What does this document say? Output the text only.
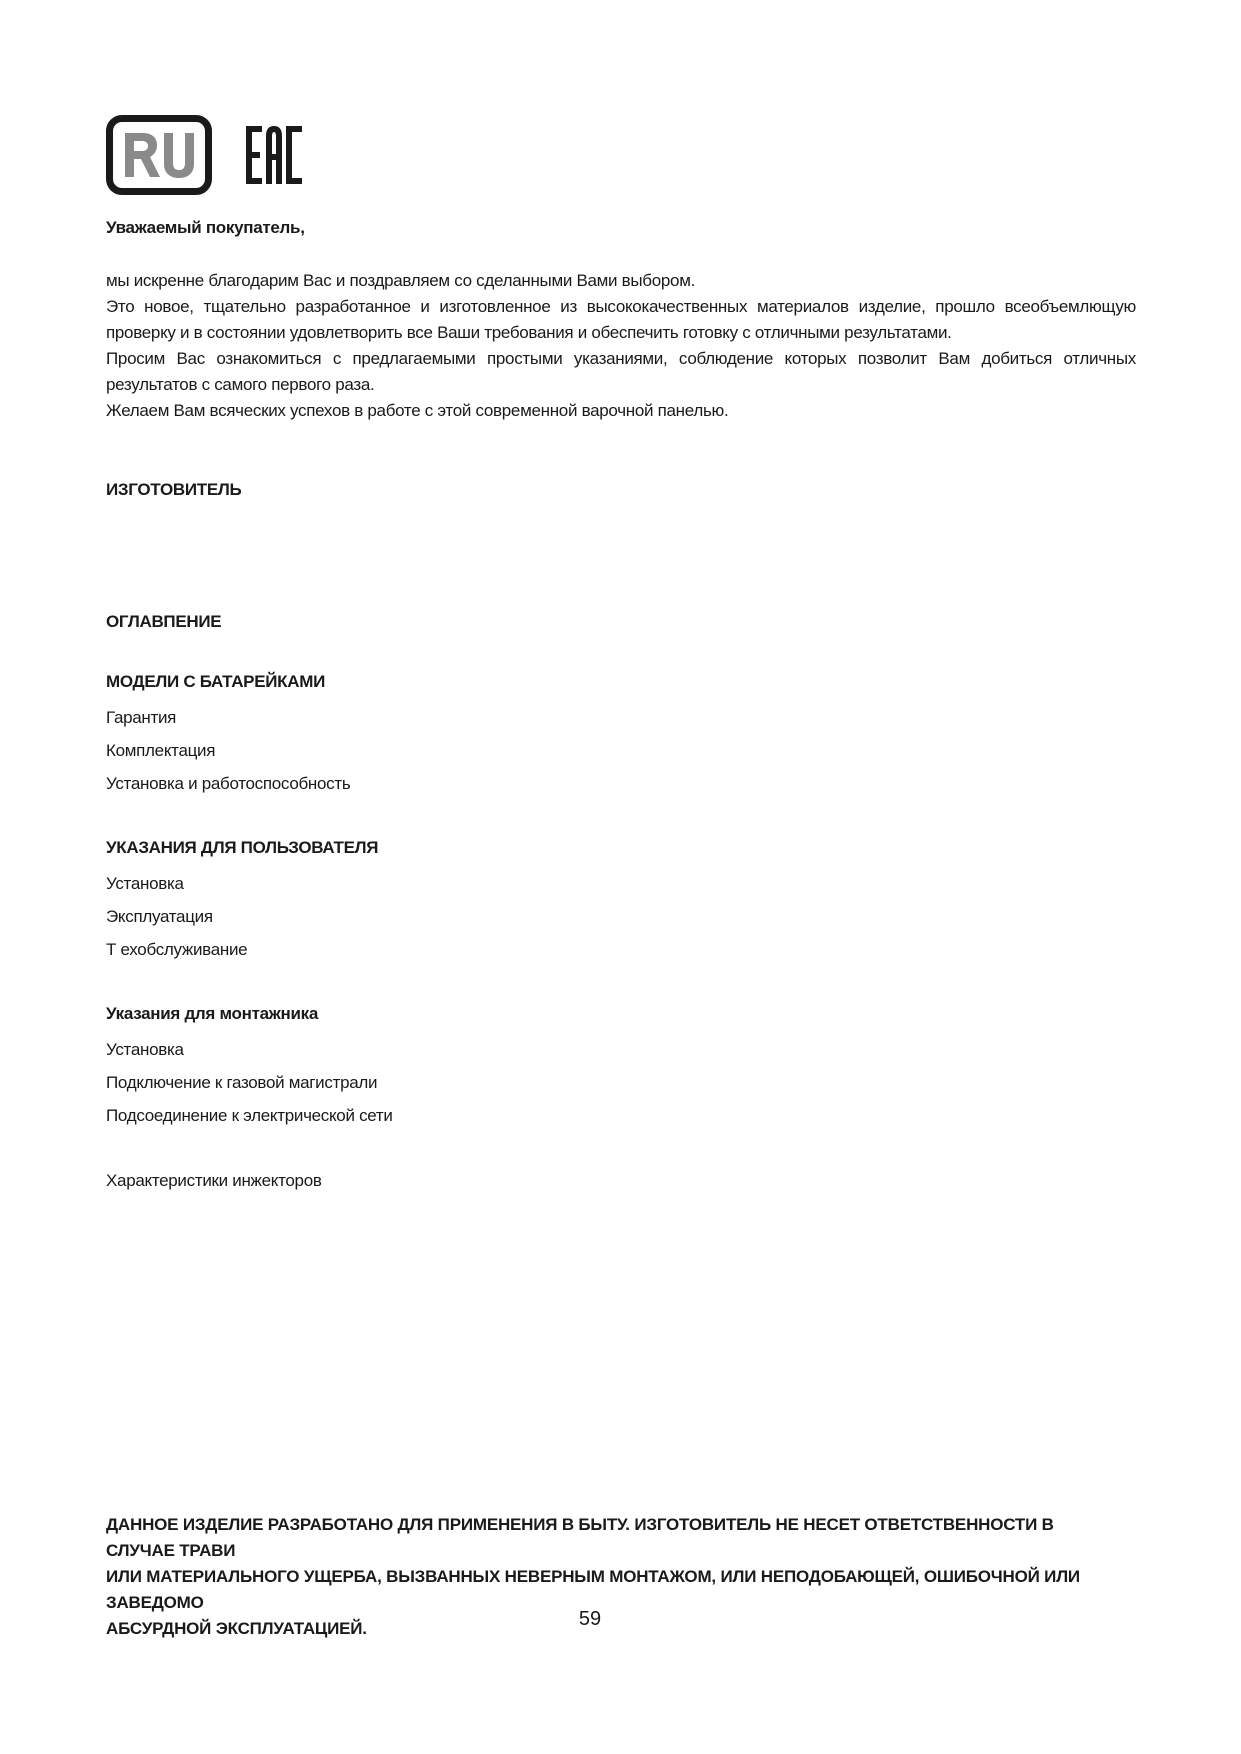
Уважаемый покупатель,

мы искренне благодарим Вас и поздравляем со сделанными Вами выбором.

Это новое, тщательно разработанное и изготовленное из высококачественных материалов изделие, прошло всеобъемлющую

проверку и в состоянии удовлетворить все Ваши требования и обеспечить готовку с отличными результатами.

Просим Вас ознакомиться с предлагаемыми простыми указаниями, соблюдение которых позволит Вам добиться отличных

результатов с самого первого раза.

Желаем Вам всяческих успехов в работе с этой современной варочной панелью.

ИЗГОТОВИТЕЛЬ
ОГЛАВПЕНИЕ
МОДЕЛИ С БАТАРЕЙКАМИ
Гарантия
Комплектация
Установка и работоспособность
УКАЗАНИЯ ДЛЯ ПОЛЬЗОВАТЕЛЯ
Установка
Эксплуатация
Т ехобслуживание
Указания для монтажника
Установка
Подключение к газовой магистрали
Подсоединение к электрической сети
Характеристики инжекторов
ДАННОЕ ИЗДЕЛИЕ РАЗРАБОТАНО ДЛЯ ПРИМЕНЕНИЯ В БЫТУ. ИЗГОТОВИТЕЛЬ НЕ НЕСЕТ ОТВЕТСТВЕННОСТИ В СЛУЧАЕ ТРАВИ
ИЛИ МАТЕРИАЛЬНОГО УЩЕРБА, ВЫЗВАННЫХ НЕВЕРНЫМ МОНТАЖОМ, ИЛИ НЕПОДОБАЮЩЕЙ, ОШИБОЧНОЙ ИЛИ ЗАВЕДОМО
АБСУРДНОЙ ЭКСПЛУАТАЦИЕЙ.	59
